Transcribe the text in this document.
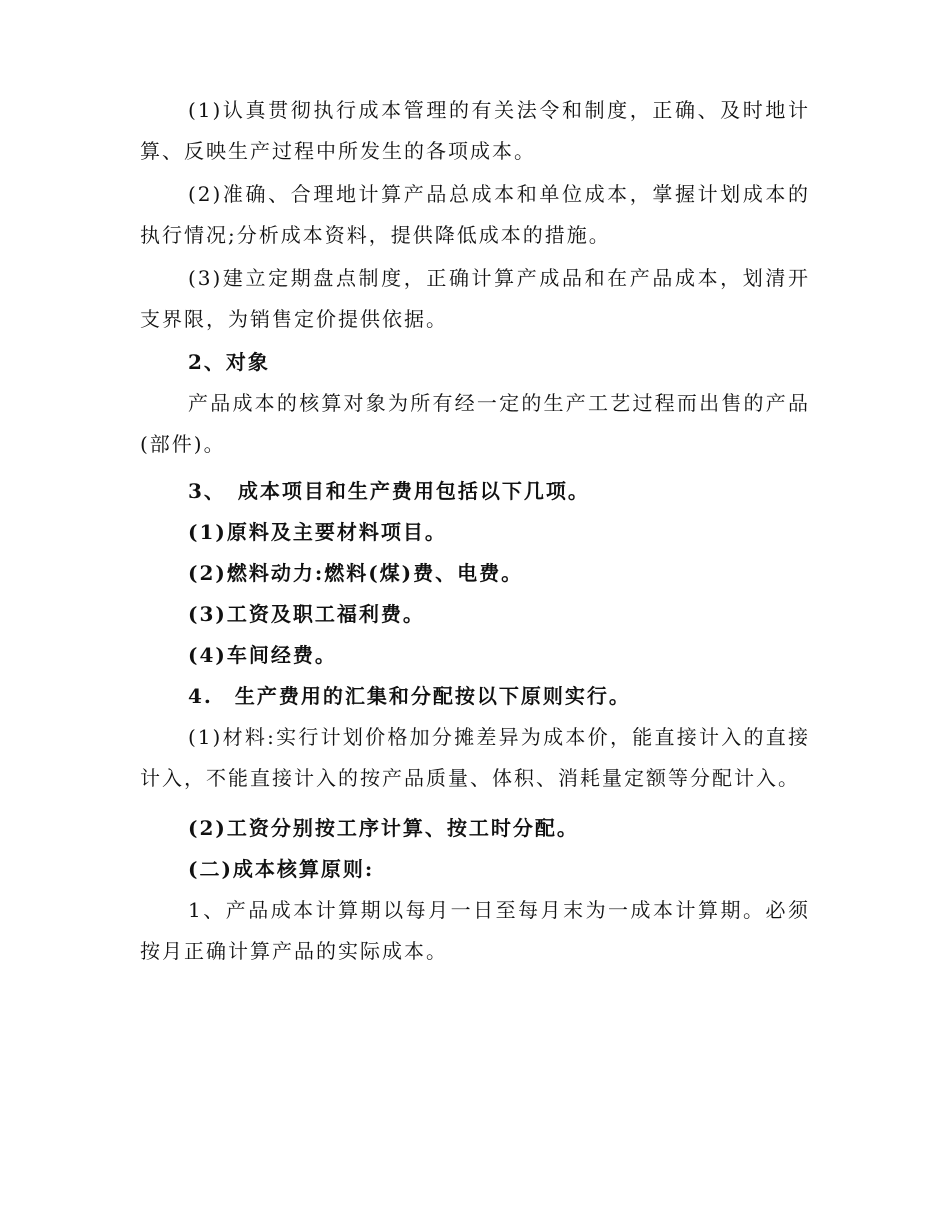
(1)认真贯彻执行成本管理的有关法令和制度，正确、及时地计算、反映生产过程中所发生的各项成本。

(2)准确、合理地计算产品总成本和单位成本，掌握计划成本的执行情况;分析成本资料，提供降低成本的措施。

(3)建立定期盘点制度，正确计算产成品和在产品成本，划清开支界限，为销售定价提供依据。

2、对象

产品成本的核算对象为所有经一定的生产工艺过程而出售的产品(部件)。

3、　成本项目和生产费用包括以下几项。

(1)原料及主要材料项目。

(2)燃料动力:燃料(煤)费、电费。

(3)工资及职工福利费。

(4)车间经费。

4.　生产费用的汇集和分配按以下原则实行。

(1)材料:实行计划价格加分摊差异为成本价，能直接计入的直接计入，不能直接计入的按产品质量、体积、消耗量定额等分配计入。

(2)工资分别按工序计算、按工时分配。

(二)成本核算原则:

1、产品成本计算期以每月一日至每月末为一成本计算期。必须按月正确计算产品的实际成本。
